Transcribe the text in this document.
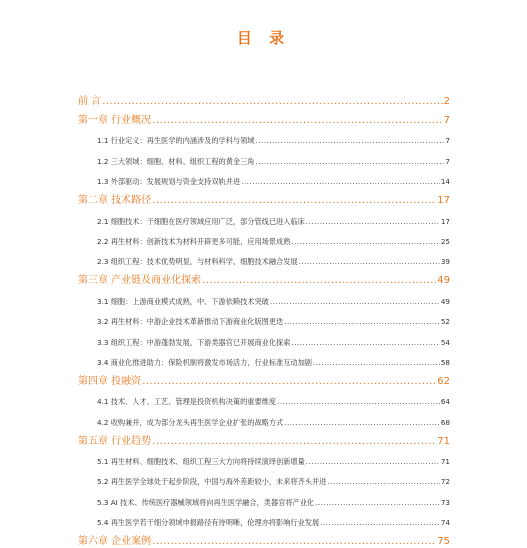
目 录
前 言 .....	2
第一章 行业概况 .....	7
1.1 行业定义：再生医学的内涵涉及的学科与领域 .....	7
1.2 三大领域：细胞、材料、组织工程的黄金三角 .....	7
1.3 外部驱动：发展规划与资金支持双轨并进 .....	14
第二章 技术路径 .....	17
2.1 细胞技术：干细胞在医疗领域应用广泛，部分管线已进入临床 .....	17
2.2 再生材料：创新技术为材料开辟更多可能，应用场景成熟 .....	25
2.3 组织工程：技术优势明显，与材料科学、细胞技术融合发展 .....	39
第三章 产业链及商业化探索 .....	49
3.1 细胞：上游商业模式成熟，中、下游依赖技术突破 .....	49
3.2 再生材料：中游企业技术革新推动下游商业化版图更迭 .....	52
3.3 组织工程：中游蓬勃发展，下游类器官已开展商业化探索 .....	54
3.4 商业化推进助力：保险机制将激发市场活力，行业标准互动加剧 .....	58
第四章 投融资 .....	62
4.1 技术、人才、工艺、管理是投资机构决策的重要维度 .....	64
4.2 收购兼并，成为部分龙头再生医学企业扩张的战略方式 .....	68
第五章 行业趋势 .....	71
5.1 再生材料、细胞技术、组织工程三大方向将持续演绎创新增量 .....	71
5.2 再生医学全球处于起步阶段，中国与海外差距较小，未来将齐头并进 .....	72
5.3 AI 技术、传统医疗器械领域将向再生医学融合，类器官将产业化 .....	73
5.4 再生医学若干细分领域申报路径有待明晰，伦理亦将影响行业发展 .....	74
第六章 企业案例 .....	75
